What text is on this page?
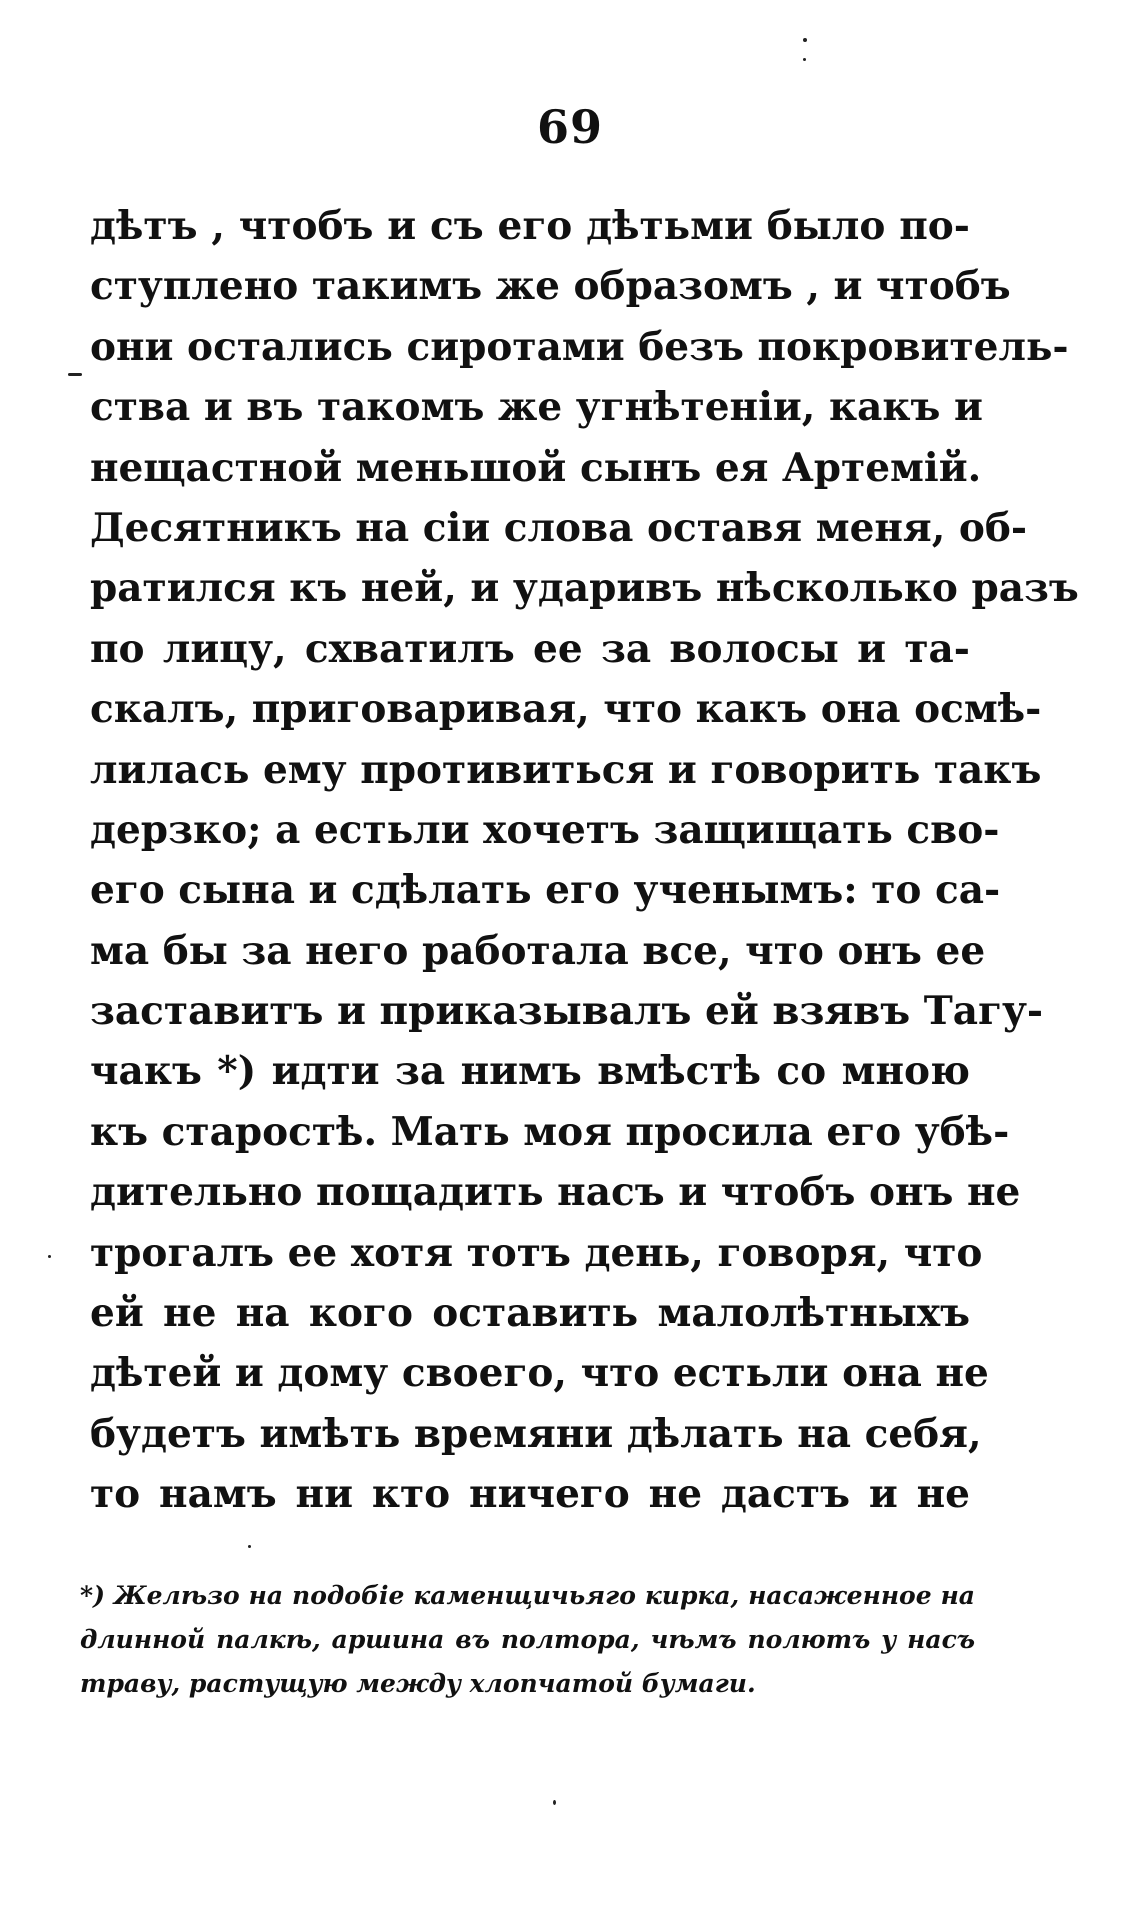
69
дѣтъ , чтобъ и съ его дѣтьми было по-
ступлено такимъ же образомъ , и чтобъ
они остались сиротами безъ покровитель-
ства и въ такомъ же угнѣтеніи, какъ и
нещастной меньшой сынъ ея Артемій.
Десятникъ на сіи слова оставя меня, об-
ратился къ ней, и ударивъ нѣсколько разъ
по лицу, схватилъ ее за волосы и та-
скалъ, приговаривая, что какъ она осмѣ-
лилась ему противиться и говорить такъ
дерзко; а естьли хочетъ защищать сво-
его сына и сдѣлать его ученымъ: то са-
ма бы за него работала все, что онъ ее
заставитъ и приказывалъ ей взявъ Тагу-
чакъ *) идти за нимъ вмѣстѣ со мною
къ старостѣ. Мать моя просила его убѣ-
дительно пощадить насъ и чтобъ онъ не
трогалъ ее хотя тотъ день, говоря, что
ей не на кого оставить малолѣтныхъ
дѣтей и дому своего, что естьли она не
будетъ имѣть времяни дѣлать на себя,
то намъ ни кто ничего не дастъ и не
*) Желѣзо на подобіе каменщичьяго кирка, насаженное на
длинной палкѣ, аршина въ полтора, чѣмъ полютъ у насъ
траву, растущую между хлопчатой бумаги.
